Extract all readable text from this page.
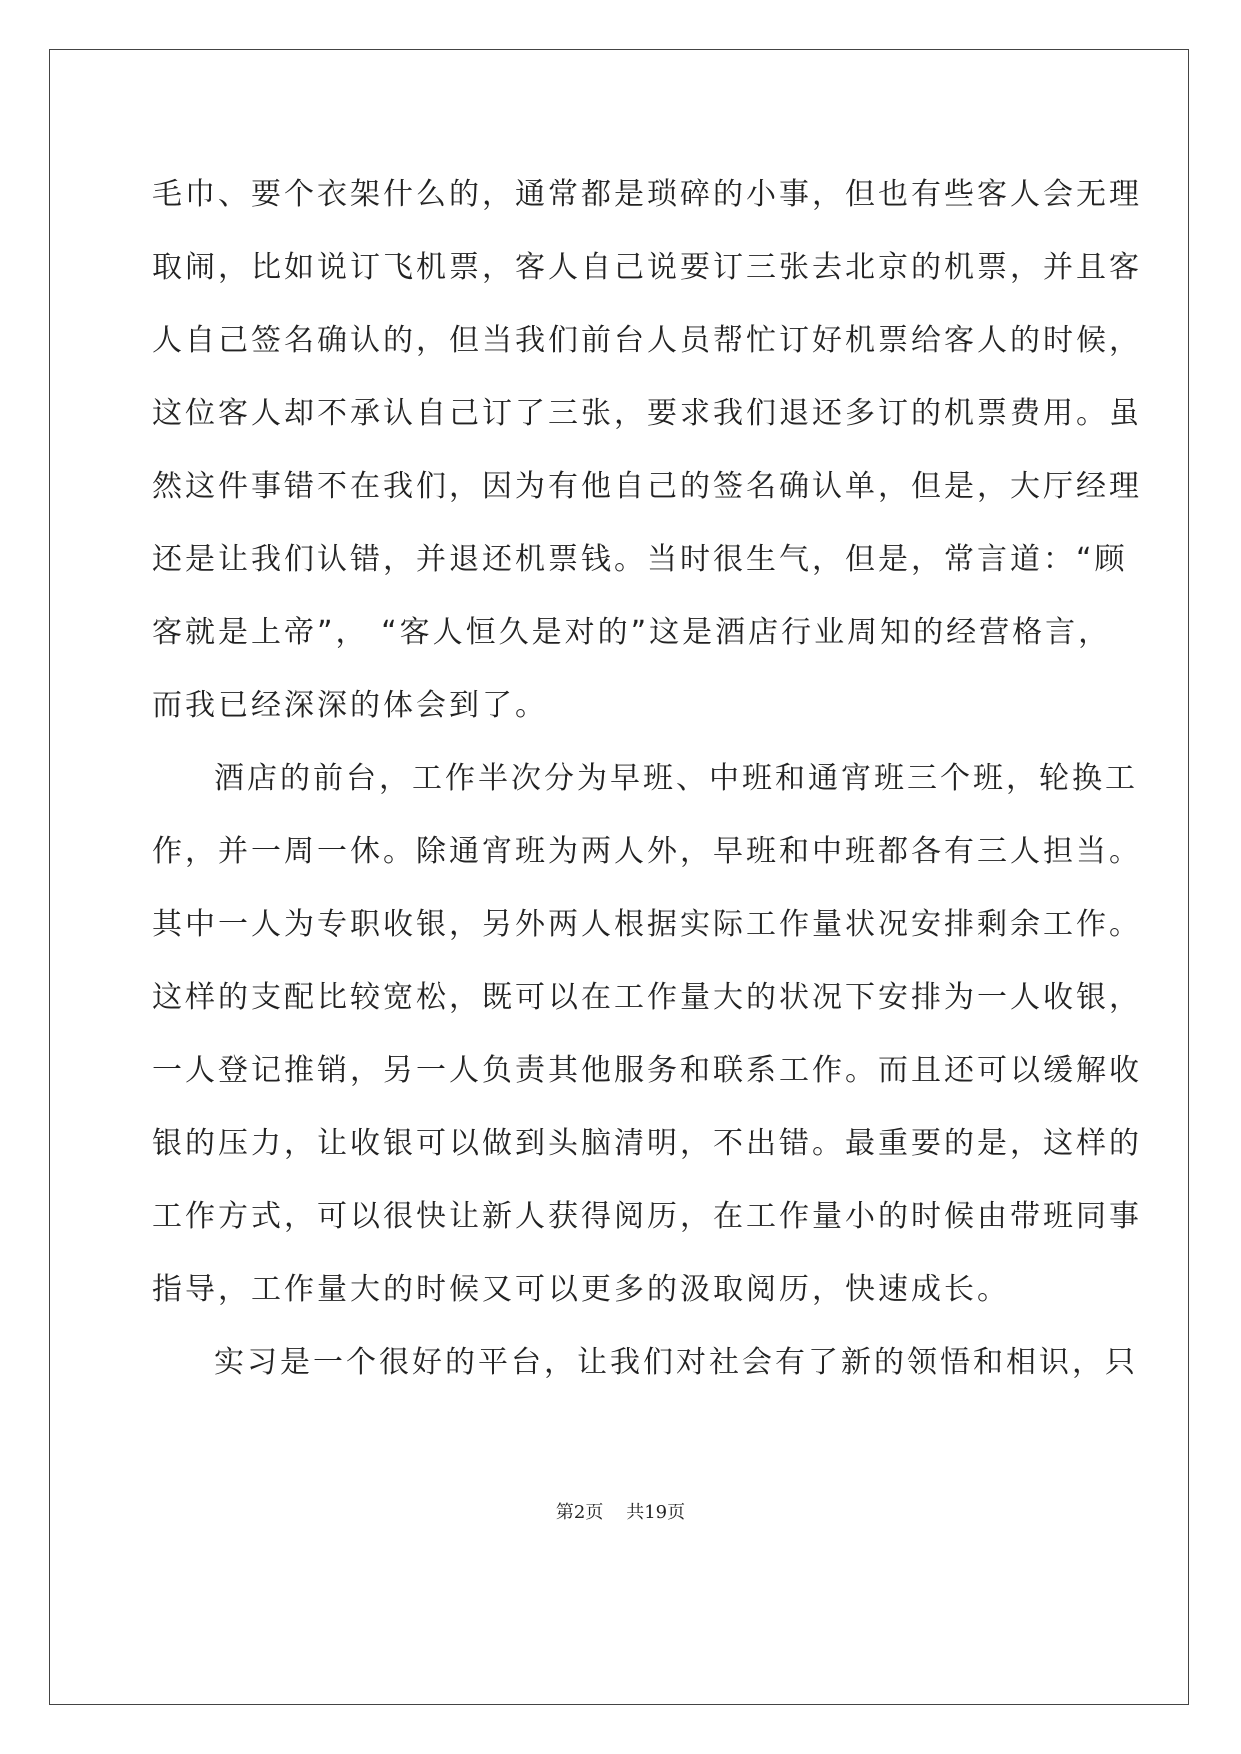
毛巾、要个衣架什么的，通常都是琐碎的小事，但也有些客人会无理
取闹，比如说订飞机票，客人自己说要订三张去北京的机票，并且客
人自己签名确认的，但当我们前台人员帮忙订好机票给客人的时候，
这位客人却不承认自己订了三张，要求我们退还多订的机票费用。虽
然这件事错不在我们，因为有他自己的签名确认单，但是，大厅经理
还是让我们认错，并退还机票钱。当时很生气，但是，常言道：“顾
客就是上帝”， “客人恒久是对的”这是酒店行业周知的经营格言，
而我已经深深的体会到了。
酒店的前台，工作半次分为早班、中班和通宵班三个班，轮换工
作，并一周一休。除通宵班为两人外，早班和中班都各有三人担当。
其中一人为专职收银，另外两人根据实际工作量状况安排剩余工作。
这样的支配比较宽松，既可以在工作量大的状况下安排为一人收银，
一人登记推销，另一人负责其他服务和联系工作。而且还可以缓解收
银的压力，让收银可以做到头脑清明，不出错。最重要的是，这样的
工作方式，可以很快让新人获得阅历，在工作量小的时候由带班同事
指导，工作量大的时候又可以更多的汲取阅历，快速成长。
实习是一个很好的平台，让我们对社会有了新的领悟和相识，只
第2页    共19页
